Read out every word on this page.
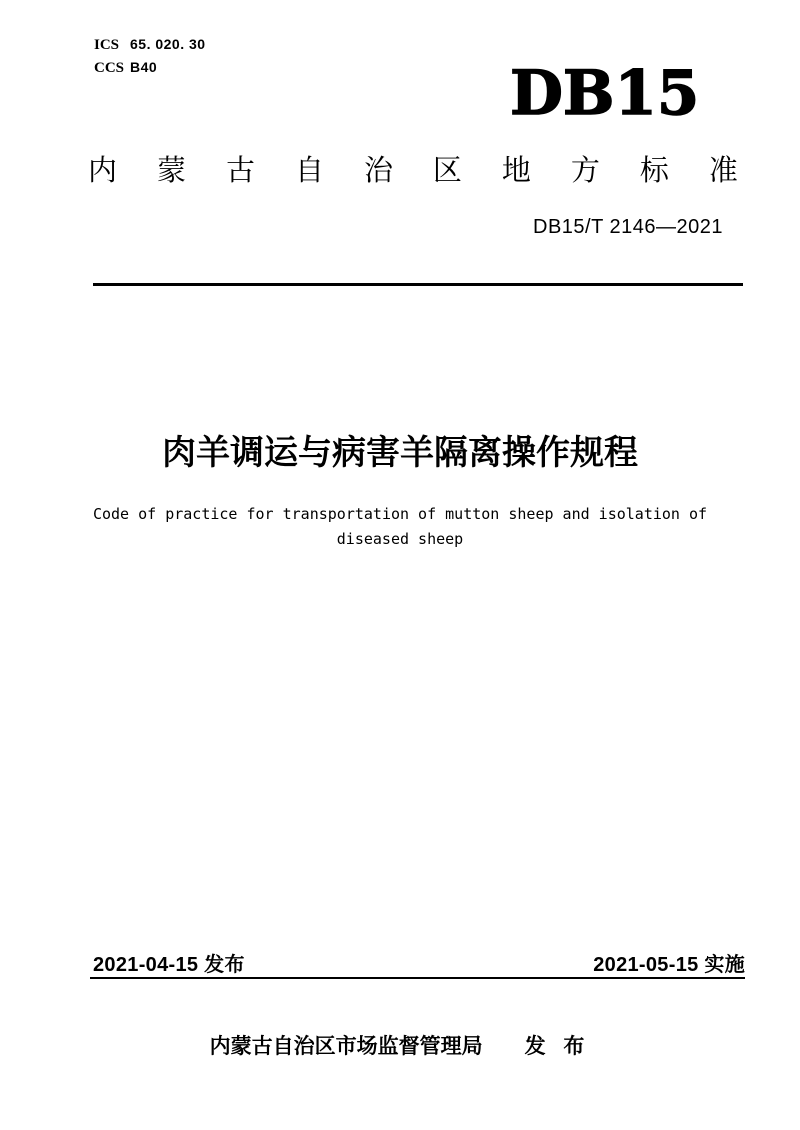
ICS 65. 020. 30
CCS B40	DB15
内 蒙 古 自 治 区 地 方 标 准
DB15/T 2146—2021
肉羊调运与病害羊隔离操作规程
Code of practice for transportation of mutton sheep and isolation of
diseased sheep
2021-04-15 发布	2021-05-15 实施
内蒙古自治区市场监督管理局 发 布
